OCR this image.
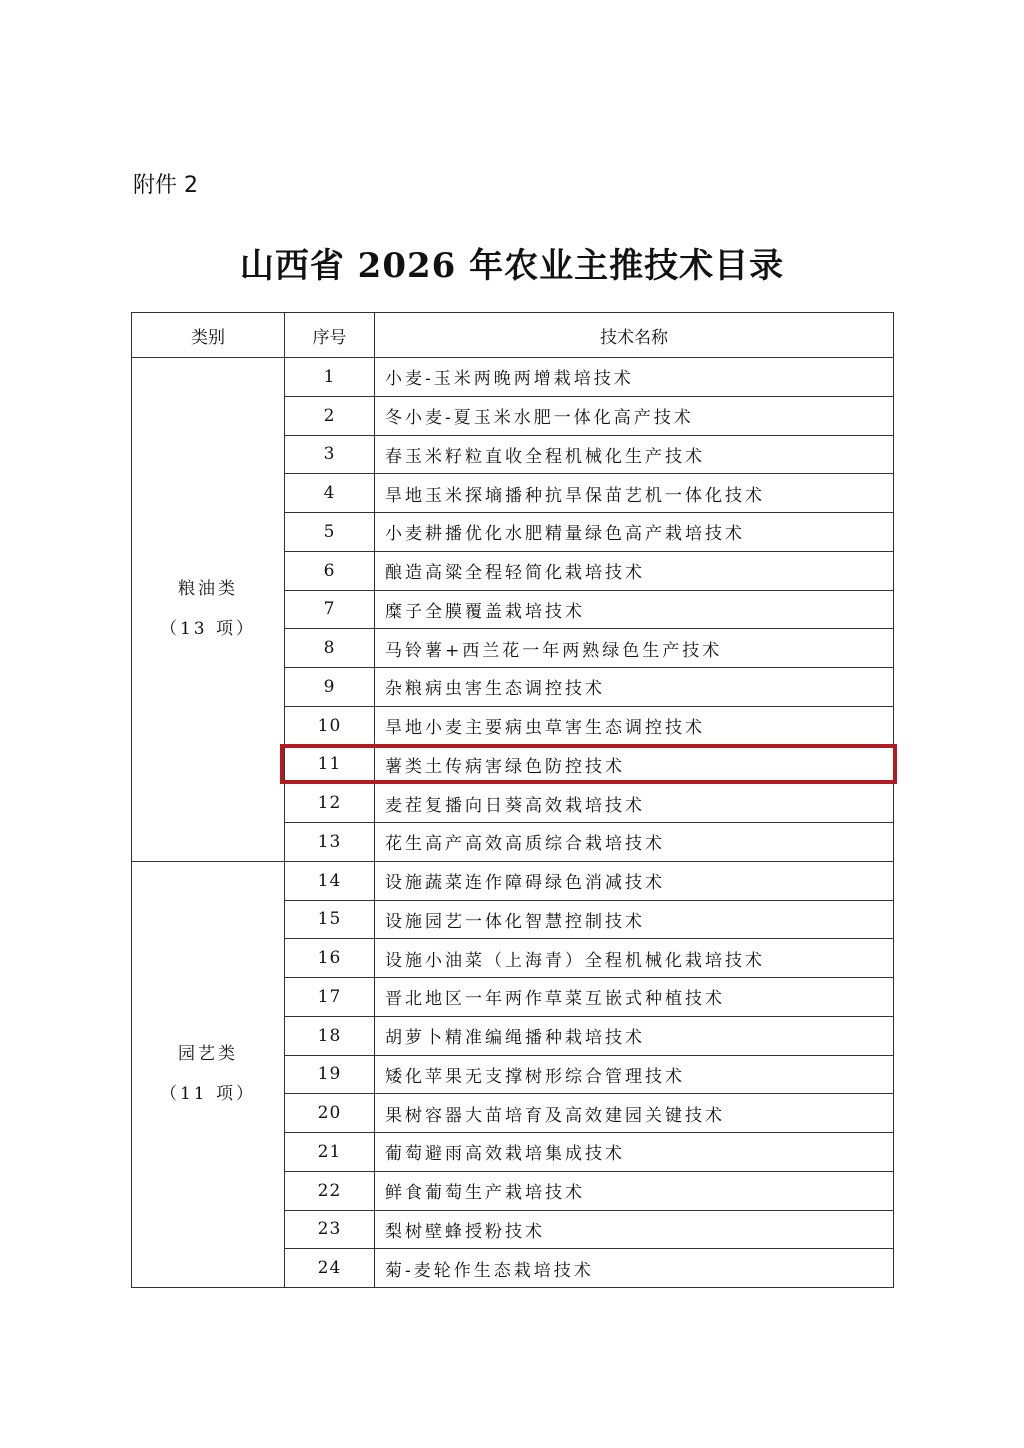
附件 2
山西省 2026 年农业主推技术目录
类别	序号	技术名称

粮油类
（13 项）	1	小麦-玉米两晚两增栽培技术
	2	冬小麦-夏玉米水肥一体化高产技术
	3	春玉米籽粒直收全程机械化生产技术
	4	旱地玉米探墒播种抗旱保苗艺机一体化技术
	5	小麦耕播优化水肥精量绿色高产栽培技术
	6	酿造高粱全程轻简化栽培技术
	7	糜子全膜覆盖栽培技术
	8	马铃薯+西兰花一年两熟绿色生产技术
	9	杂粮病虫害生态调控技术
	10	旱地小麦主要病虫草害生态调控技术
	11	薯类土传病害绿色防控技术
	12	麦茬复播向日葵高效栽培技术
	13	花生高产高效高质综合栽培技术

园艺类
（11 项）	14	设施蔬菜连作障碍绿色消减技术
	15	设施园艺一体化智慧控制技术
	16	设施小油菜（上海青）全程机械化栽培技术
	17	晋北地区一年两作草菜互嵌式种植技术
	18	胡萝卜精准编绳播种栽培技术
	19	矮化苹果无支撑树形综合管理技术
	20	果树容器大苗培育及高效建园关键技术
	21	葡萄避雨高效栽培集成技术
	22	鲜食葡萄生产栽培技术
	23	梨树壁蜂授粉技术
	24	菊-麦轮作生态栽培技术
